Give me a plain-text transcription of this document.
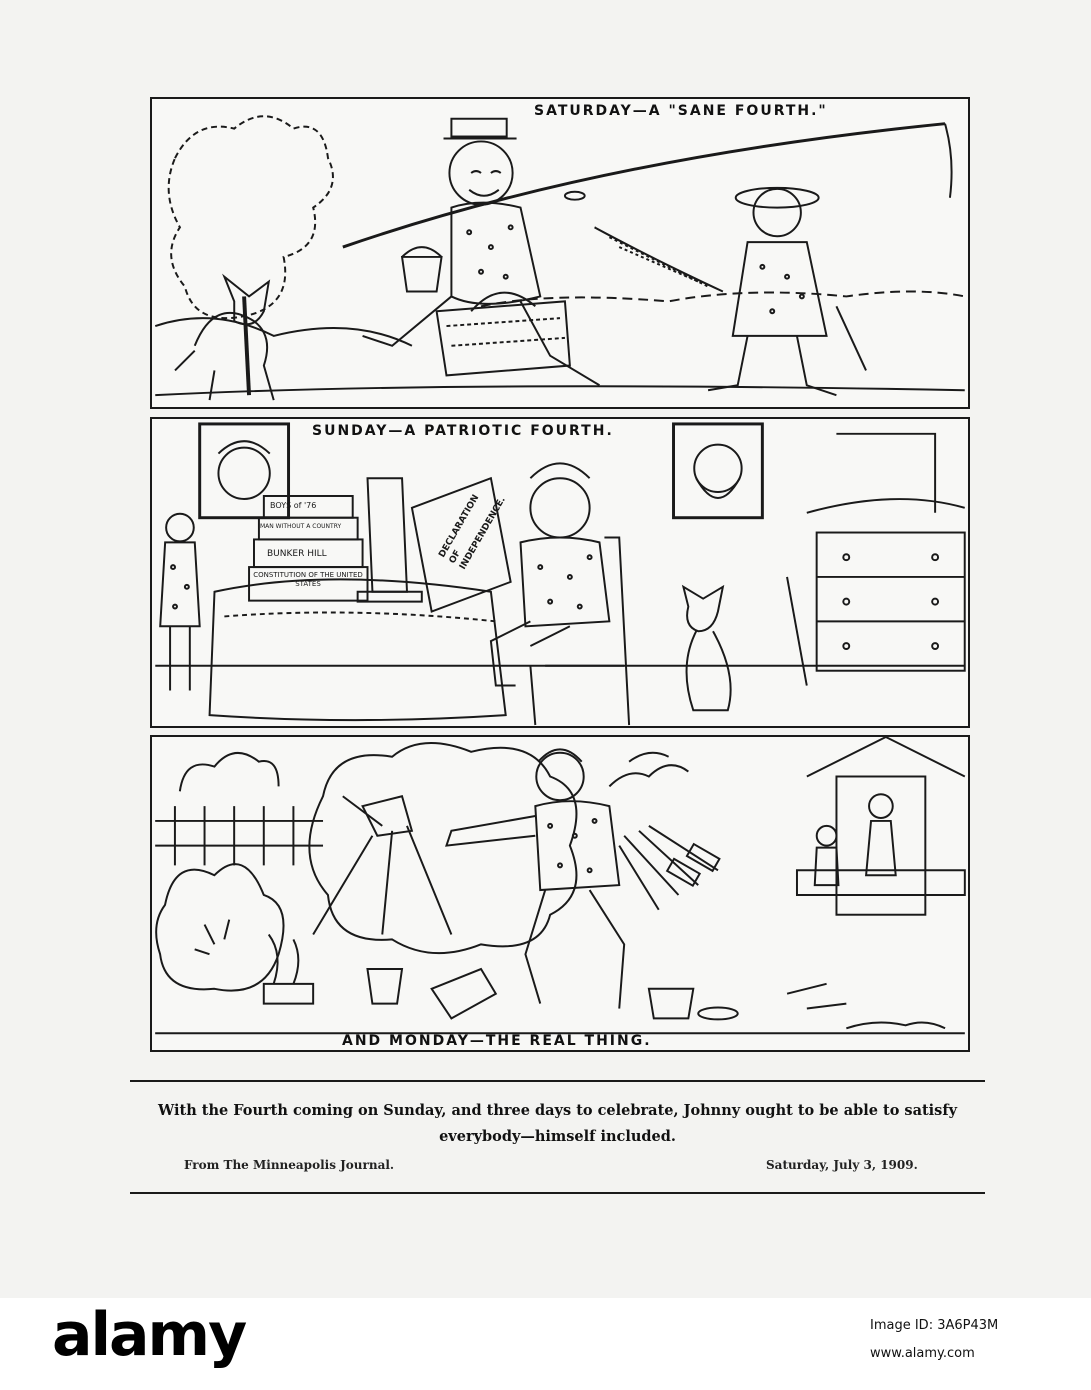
SATURDAY—A "SANE FOURTH."
SUNDAY—A PATRIOTIC FOURTH.
BOYS of '76
MAN WITHOUT A COUNTRY
BUNKER HILL
CONSTITUTION OF THE UNITED STATES
DECLARATION OF INDEPENDENCE.
AND MONDAY—THE REAL THING.
With the Fourth coming on Sunday, and three days to celebrate, Johnny ought to be able to satisfy everybody—himself included.
From The Minneapolis Journal.	Saturday, July 3, 1909.
alamy	Image ID: 3A6P43M
www.alamy.com
